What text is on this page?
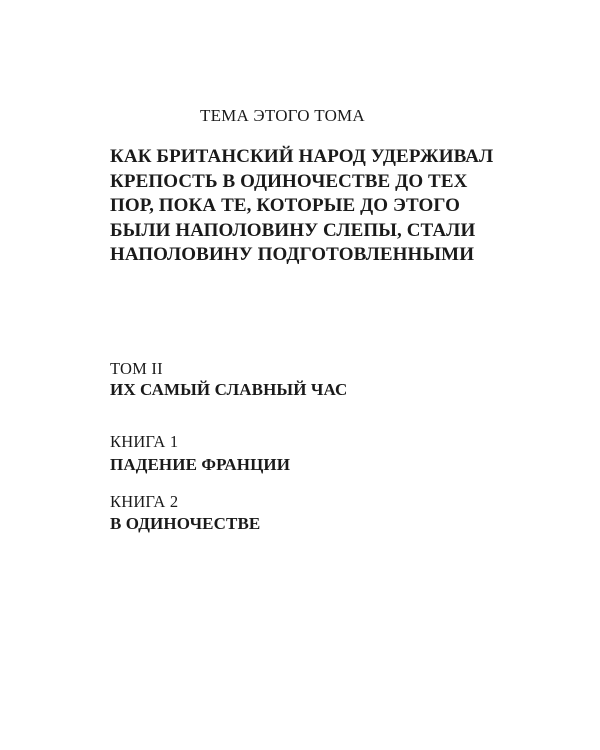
ТЕМА ЭТОГО ТОМА

КАК БРИТАНСКИЙ НАРОД УДЕРЖИВАЛ
КРЕПОСТЬ В ОДИНОЧЕСТВЕ ДО ТЕХ
ПОР, ПОКА ТЕ, КОТОРЫЕ ДО ЭТОГО
БЫЛИ НАПОЛОВИНУ СЛЕПЫ, СТАЛИ
НАПОЛОВИНУ ПОДГОТОВЛЕННЫМИ

ТОМ II
ИХ САМЫЙ СЛАВНЫЙ ЧАС
КНИГА 1
ПАДЕНИЕ ФРАНЦИИ
КНИГА 2
В ОДИНОЧЕСТВЕ
